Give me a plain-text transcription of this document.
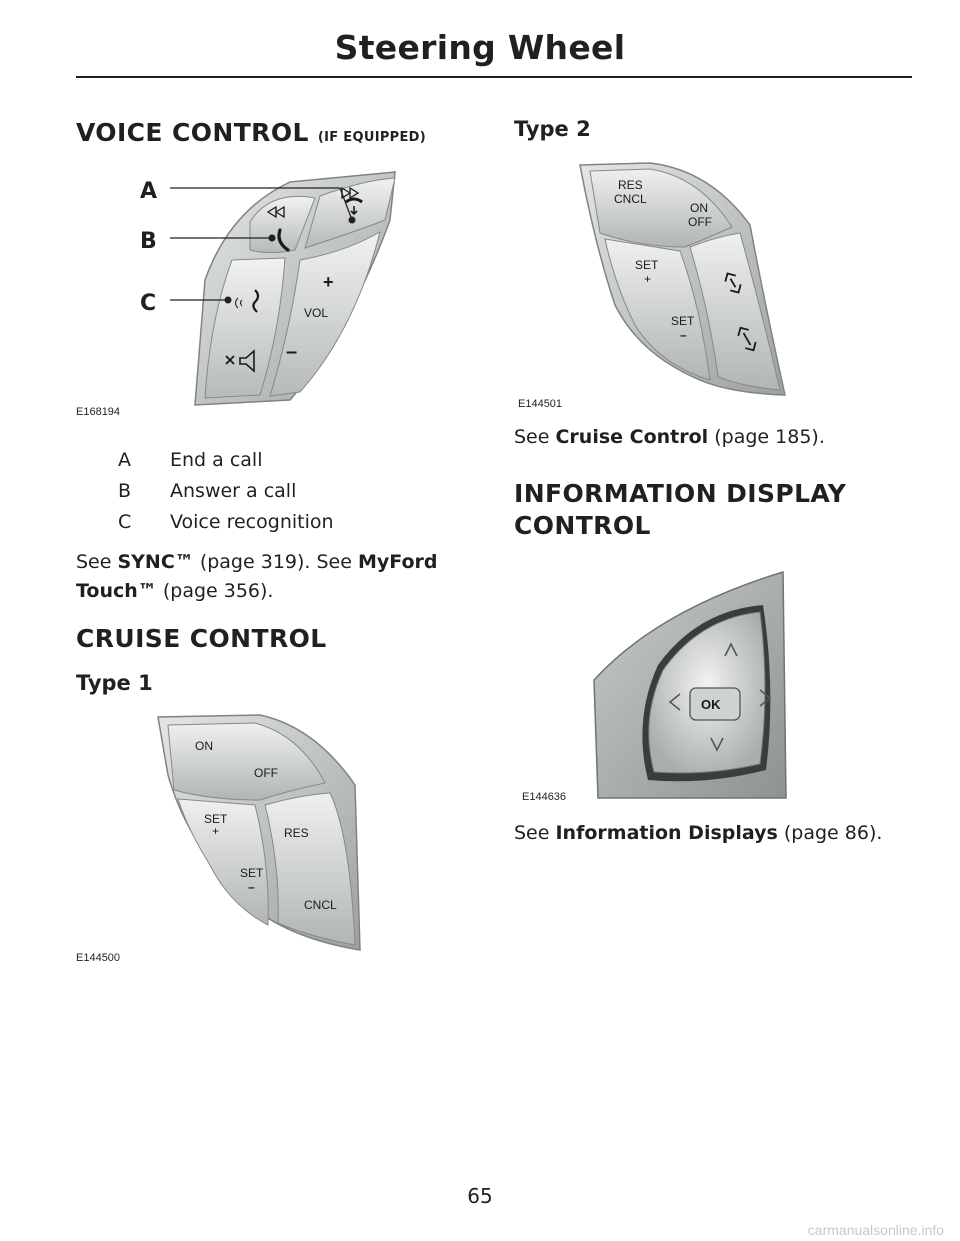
Steering Wheel
VOICE CONTROL (IF EQUIPPED)
A
B
C
+
VOL
–
E168194
A End a call
B Answer a call
C Voice recognition
See SYNC™ (page 319). See MyFord
Touch™ (page 356).
CRUISE CONTROL
Type 1
ON
OFF
SET
+	RES
SET
–
CNCL
E144500
Type 2
RES
CNCL
ON
OFF
SET
+
SET
–
E144501
See Cruise Control (page 185).
INFORMATION DISPLAY
CONTROL
OK
E144636
See Information Displays (page 86).
65
carmanualsonline.info
